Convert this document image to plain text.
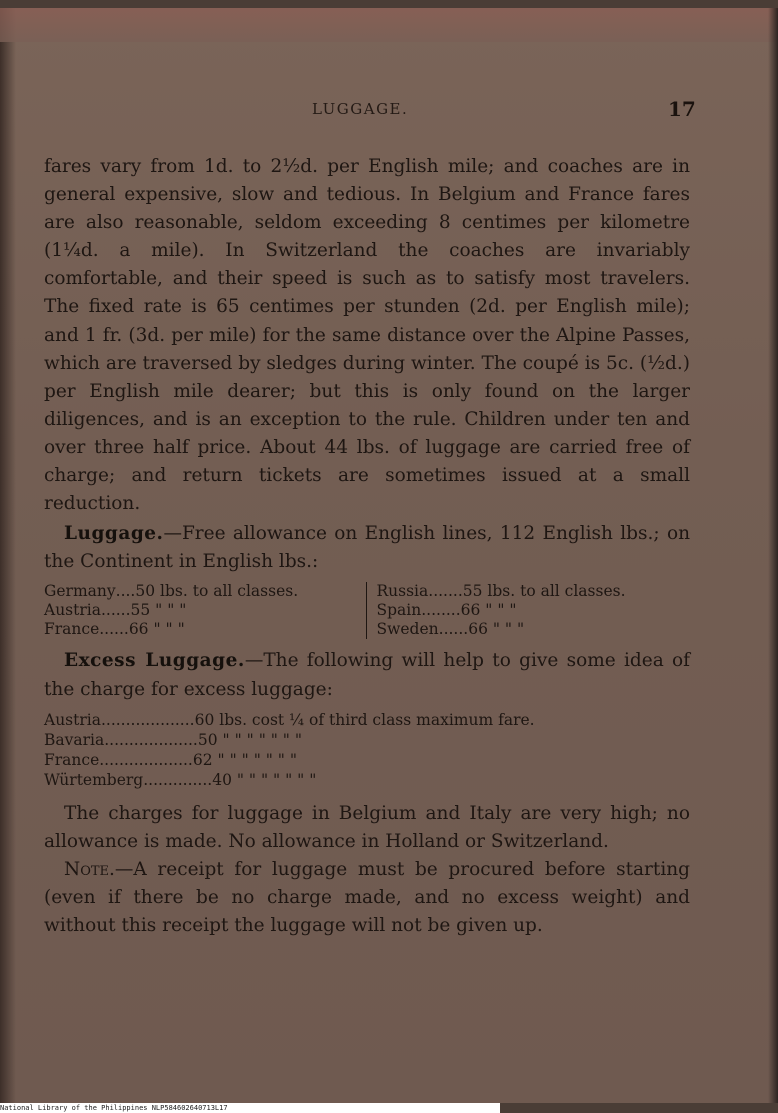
LUGGAGE.	17

fares vary from 1d. to 2½d. per English mile; and coaches are in general expensive, slow and tedious. In Belgium and France fares are also reasonable, seldom exceeding 8 centimes per kilometre (1¼d. a mile). In Switzerland the coaches are invariably comfortable, and their speed is such as to satisfy most travelers. The fixed rate is 65 centimes per stunden (2d. per English mile); and 1 fr. (3d. per mile) for the same distance over the Alpine Passes, which are traversed by sledges during winter. The coupé is 5c. (½d.) per English mile dearer; but this is only found on the larger diligences, and is an exception to the rule. Children under ten and over three half price. About 44 lbs. of luggage are carried free of charge; and return tickets are sometimes issued at a small reduction.

Luggage.—Free allowance on English lines, 112 English lbs.; on the Continent in English lbs.:

Germany .... 50 lbs. to all classes.
Austria ...... 55 " " "
France ...... 66 " " "
Russia ....... 55 lbs. to all classes.
Spain ........ 66 " " "
Sweden ...... 66 " " "

Excess Luggage.—The following will help to give some idea of the charge for excess luggage:

Austria ................... 60 lbs. cost ¼ of third class maximum fare.
Bavaria ................... 50 " " " " " " "
France ................... 62 " " " " " " "
Würtemberg .............. 40 " " " " " " "

The charges for luggage in Belgium and Italy are very high; no allowance is made. No allowance in Holland or Switzerland.

Note.—A receipt for luggage must be procured before starting (even if there be no charge made, and no excess weight) and without this receipt the luggage will not be given up.

National Library of the Philippines NLP584602640713L17
